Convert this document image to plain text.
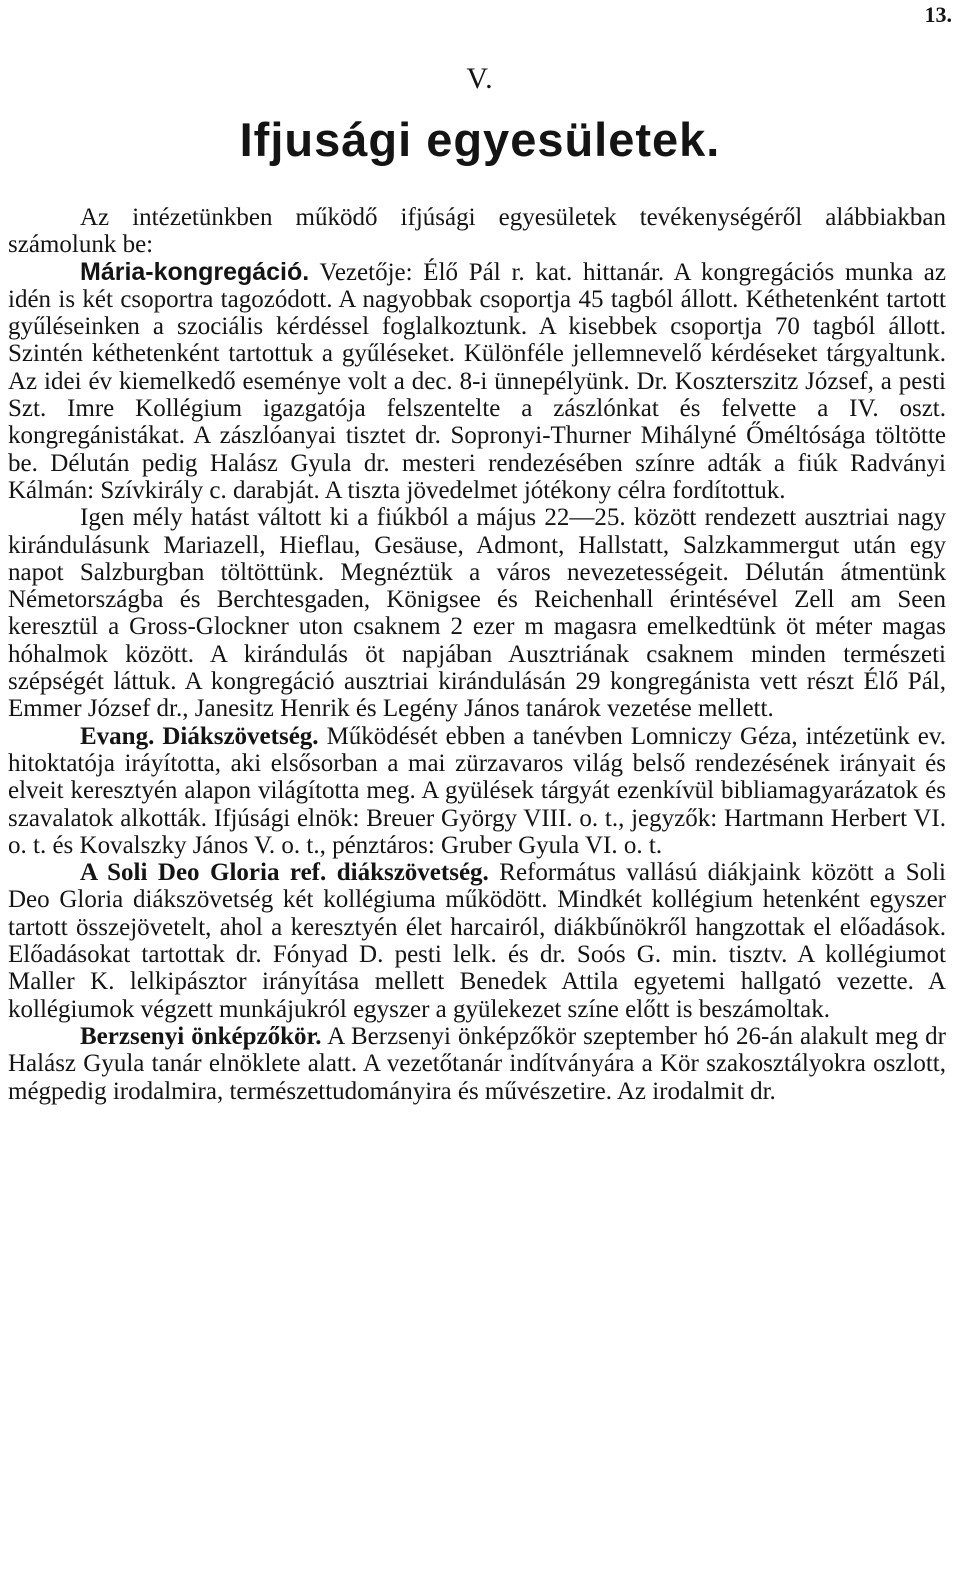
13.
V.
Ifjusági egyesületek.

Az intézetünkben működő ifjúsági egyesületek tevékenységéről alábbiakban számolunk be:

Mária-kongregáció. Vezetője: Élő Pál r. kat. hittanár. A kongregációs munka az idén is két csoportra tagozódott. A nagyobbak csoportja 45 tagból állott. Kéthetenként tartott gyűléseinken a szociális kérdéssel foglalkoztunk. A kisebbek csoportja 70 tagból állott. Szintén kéthetenként tartottuk a gyűléseket. Különféle jellemnevelő kérdéseket tárgyaltunk. Az idei év kiemelkedő eseménye volt a dec. 8-i ünnepélyünk. Dr. Koszterszitz József, a pesti Szt. Imre Kollégium igazgatója felszentelte a zászlónkat és felvette a IV. oszt. kongregánistákat. A zászlóanyai tisztet dr. Sopronyi-Thurner Mihályné Őméltósága töltötte be. Délután pedig Halász Gyula dr. mesteri rendezésében színre adták a fiúk Radványi Kálmán: Szívkirály c. darabját. A tiszta jövedelmet jótékony célra fordítottuk.

Igen mély hatást váltott ki a fiúkból a május 22—25. között rendezett ausztriai nagy kirándulásunk Mariazell, Hieflau, Gesäuse, Admont, Hallstatt, Salzkammergut után egy napot Salzburgban töltöttünk. Megnéztük a város nevezetességeit. Délután átmentünk Németországba és Berchtesgaden, Königsee és Reichenhall érintésével Zell am Seen keresztül a Gross-Glockner uton csaknem 2 ezer m magasra emelkedtünk öt méter magas hóhalmok között. A kirándulás öt napjában Ausztriának csaknem minden természeti szépségét láttuk. A kongregáció ausztriai kirándulásán 29 kongregánista vett részt Élő Pál, Emmer József dr., Janesitz Henrik és Legény János tanárok vezetése mellett.

Evang. Diákszövetség. Működését ebben a tanévben Lomniczy Géza, intézetünk ev. hitoktatója iráyította, aki elsősorban a mai zürzavaros világ belső rendezésének irányait és elveit keresztyén alapon világította meg. A gyülések tárgyát ezenkívül bibliamagyarázatok és szavalatok alkották. Ifjúsági elnök: Breuer György VIII. o. t., jegyzők: Hartmann Herbert VI. o. t. és Kovalszky János V. o. t., pénztáros: Gruber Gyula VI. o. t.

A Soli Deo Gloria ref. diákszövetség. Református vallású diákjaink között a Soli Deo Gloria diákszövetség két kollégiuma működött. Mindkét kollégium hetenként egyszer tartott összejövetelt, ahol a keresztyén élet harcairól, diákbűnökről hangzottak el előadások. Előadásokat tartottak dr. Fónyad D. pesti lelk. és dr. Soós G. min. tisztv. A kollégiumot Maller K. lelkipásztor irányítása mellett Benedek Attila egyetemi hallgató vezette. A kollégiumok végzett munkájukról egyszer a gyülekezet színe előtt is beszámoltak.

Berzsenyi önképzőkör. A Berzsenyi önképzőkör szeptember hó 26-án alakult meg dr Halász Gyula tanár elnöklete alatt. A vezetőtanár indítványára a Kör szakosztályokra oszlott, mégpedig irodalmira, természettudományira és művészetire. Az irodalmit dr.
